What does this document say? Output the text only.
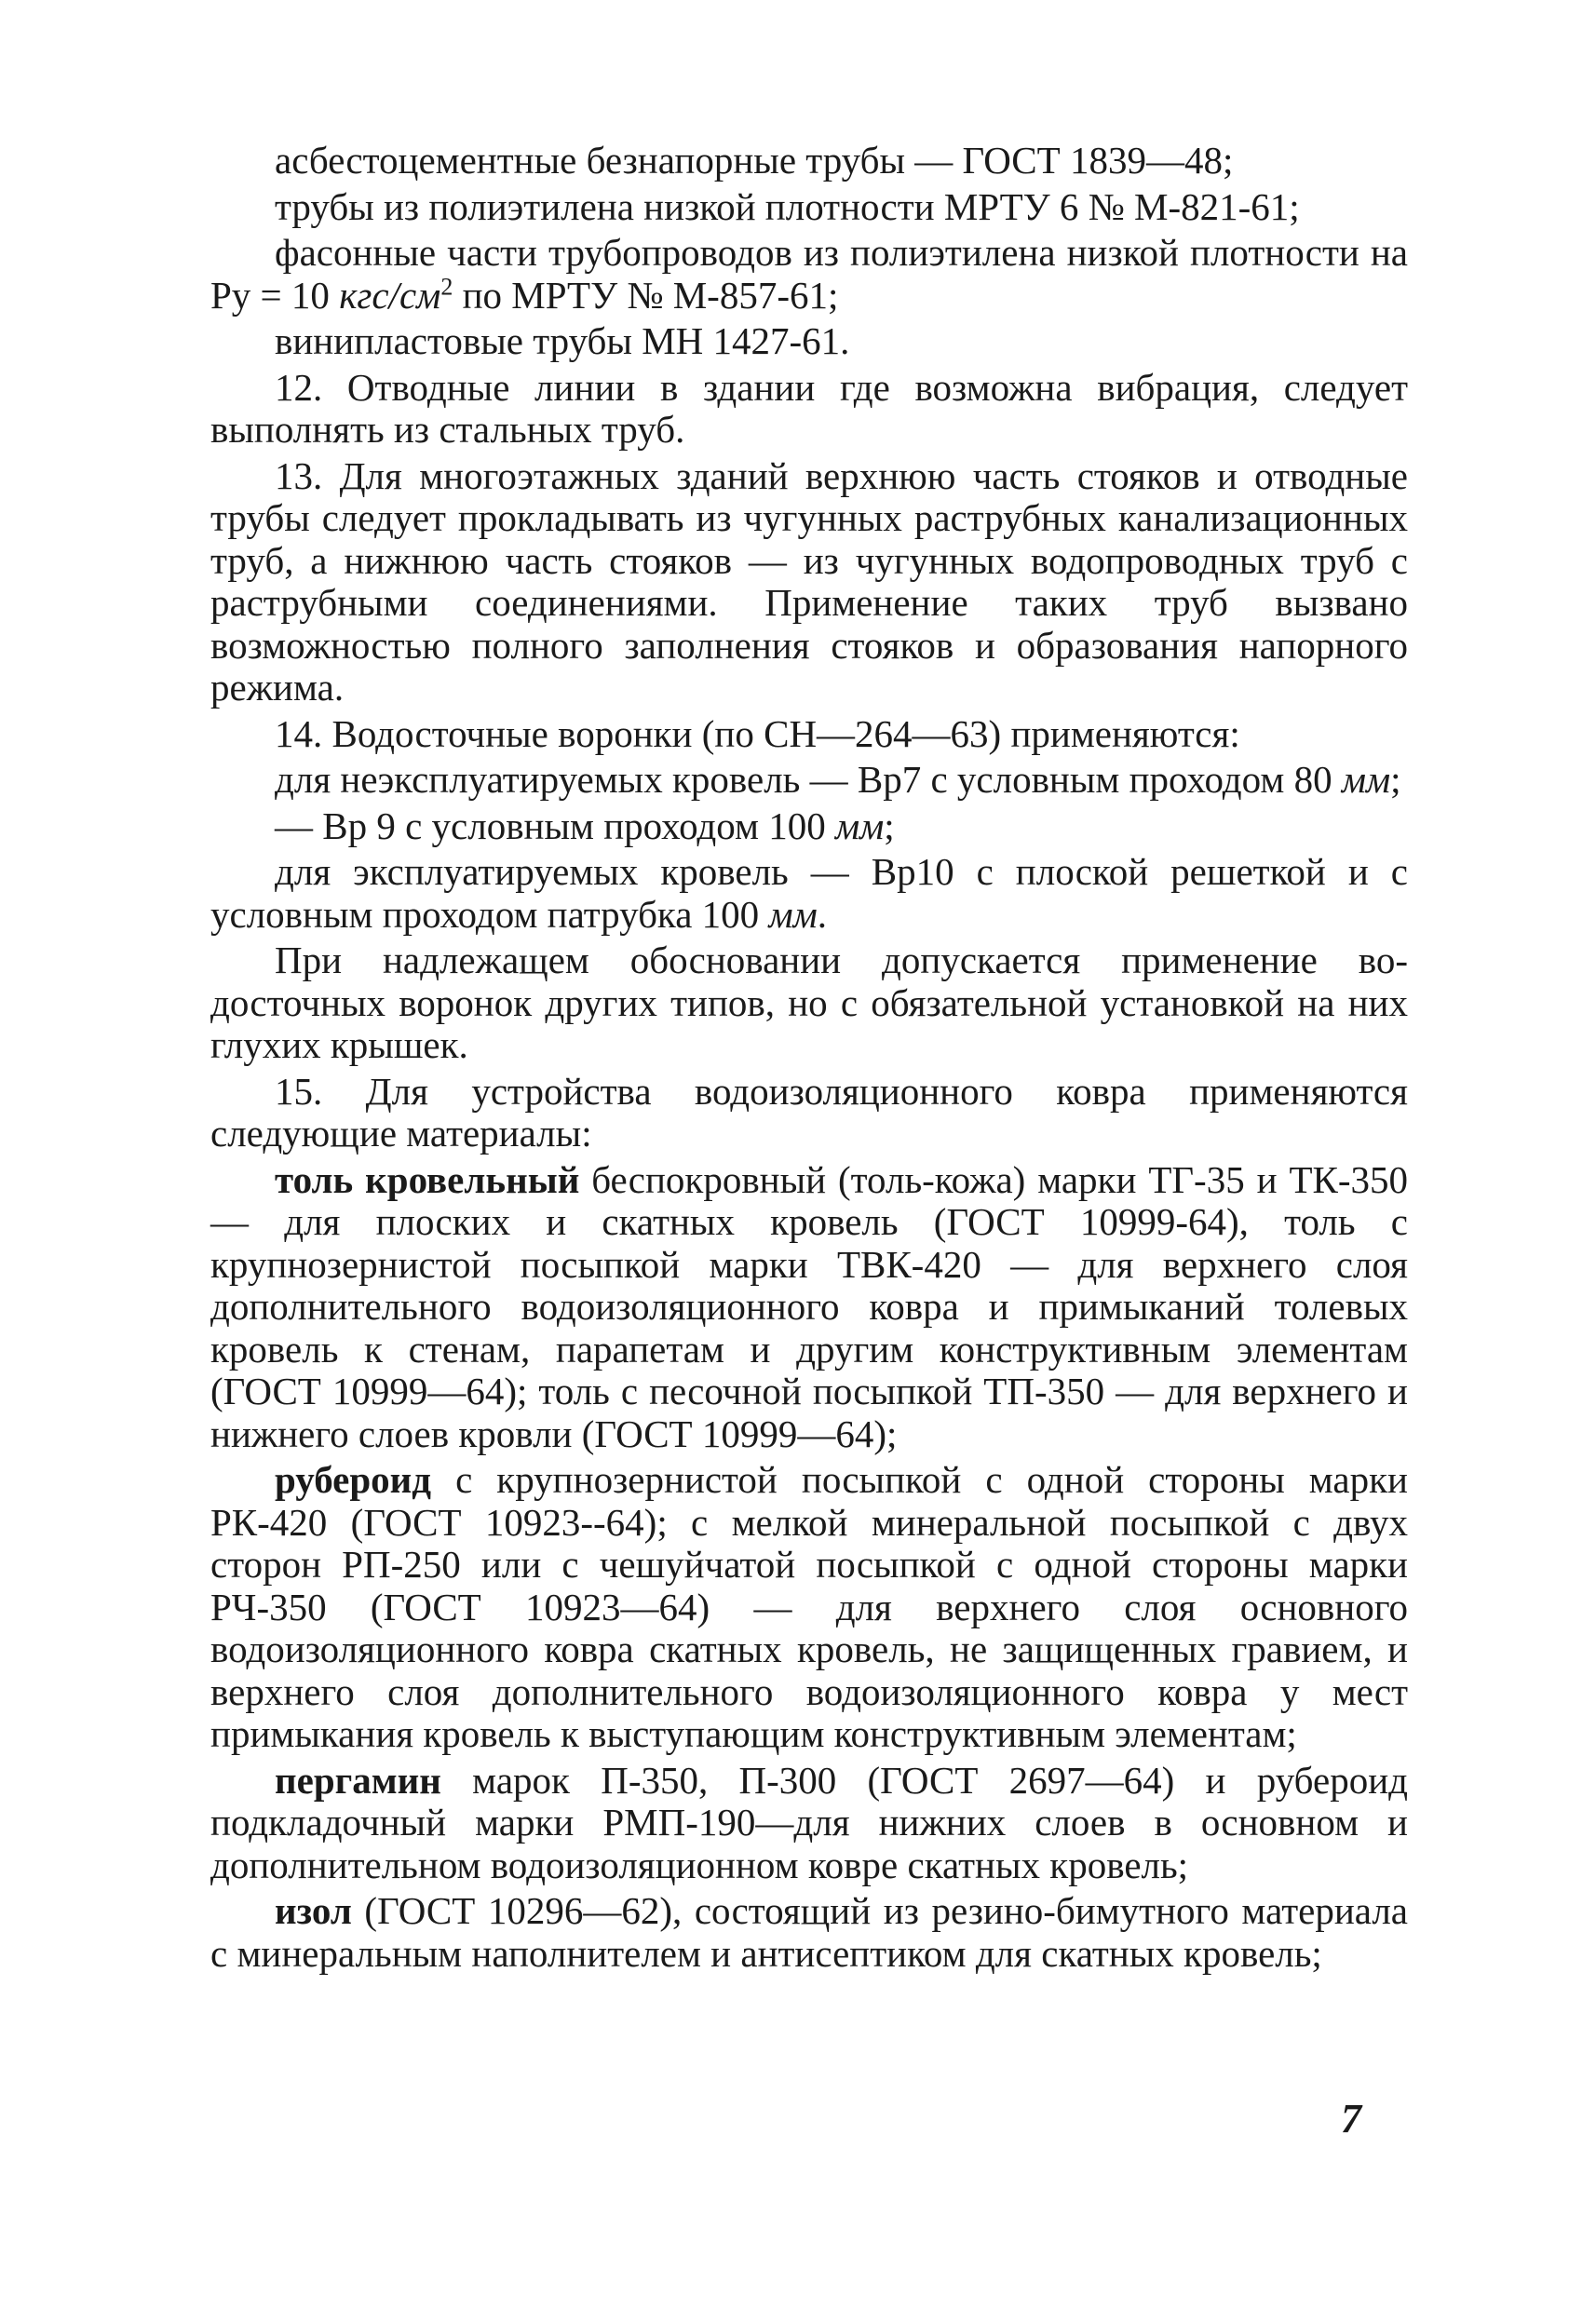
асбестоцементные безнапорные трубы — ГОСТ 1839—48;

трубы из полиэтилена низкой плотности МРТУ 6 № М-821-61;

фасонные части трубопроводов из полиэтилена низкой плотности на Ру = 10 кгс/$см^2$ по МРТУ № М-857-61;

винипластовые трубы МН 1427-61.

12. Отводные линии в здании где возможна вибрация, следует выполнять из стальных труб.

13. Для многоэтажных зданий верхнюю часть стояков и отводные трубы следует прокладывать из чугунных раструбных канализационных труб, а нижнюю часть стояков — из чугунных водопроводных труб с раструбными соединениями. Применение таких труб вызвано возможностью полного заполнения стояков и образования напорного режима.

14. Водосточные воронки (по СН—264—63) применяются:

для неэксплуатируемых кровель — Вр7 с условным проходом 80 мм;

— Вр 9 с условным проходом 100 мм;

для эксплуатируемых кровель — Вр10 с плоской решеткой и с условным проходом патрубка 100 мм.

При надлежащем обосновании допускается применение водосточных воронок других типов, но с обязательной установкой на них глухих крышек.

15. Для устройства водоизоляционного ковра применяются следующие материалы:

толь кровельный беспокровный (толь-кожа) марки ТГ-35 и ТК-350 — для плоских и скатных кровель (ГОСТ 10999-64), толь с крупнозернистой посыпкой марки ТВК-420 — для верхнего слоя дополнительного водоизоляционного ковра и примыканий толевых кровель к стенам, парапетам и другим конструктивным элементам (ГОСТ 10999—64); толь с песочной посыпкой ТП-350 — для верхнего и нижнего слоев кровли (ГОСТ 10999—64);

рубероид с крупнозернистой посыпкой с одной стороны марки РК-420 (ГОСТ 10923--64); с мелкой минеральной посыпкой с двух сторон РП-250 или с чешуйчатой посыпкой с одной стороны марки РЧ-350 (ГОСТ 10923—64) — для верхнего слоя основного водоизоляционного ковра скатных кровель, не защищенных гравием, и верхнего слоя дополнительного водоизоляционного ковра у мест примыкания кровель к выступающим конструктивным элементам;

пергамин марок П-350, П-300 (ГОСТ 2697—64) и рубероид подкладочный марки РМП-190—для нижних слоев в основном и дополнительном водоизоляционном ковре скатных кровель;

изол (ГОСТ 10296—62), состоящий из резино-бимутного материала с минеральным наполнителем и антисептиком для скатных кровель;

7
